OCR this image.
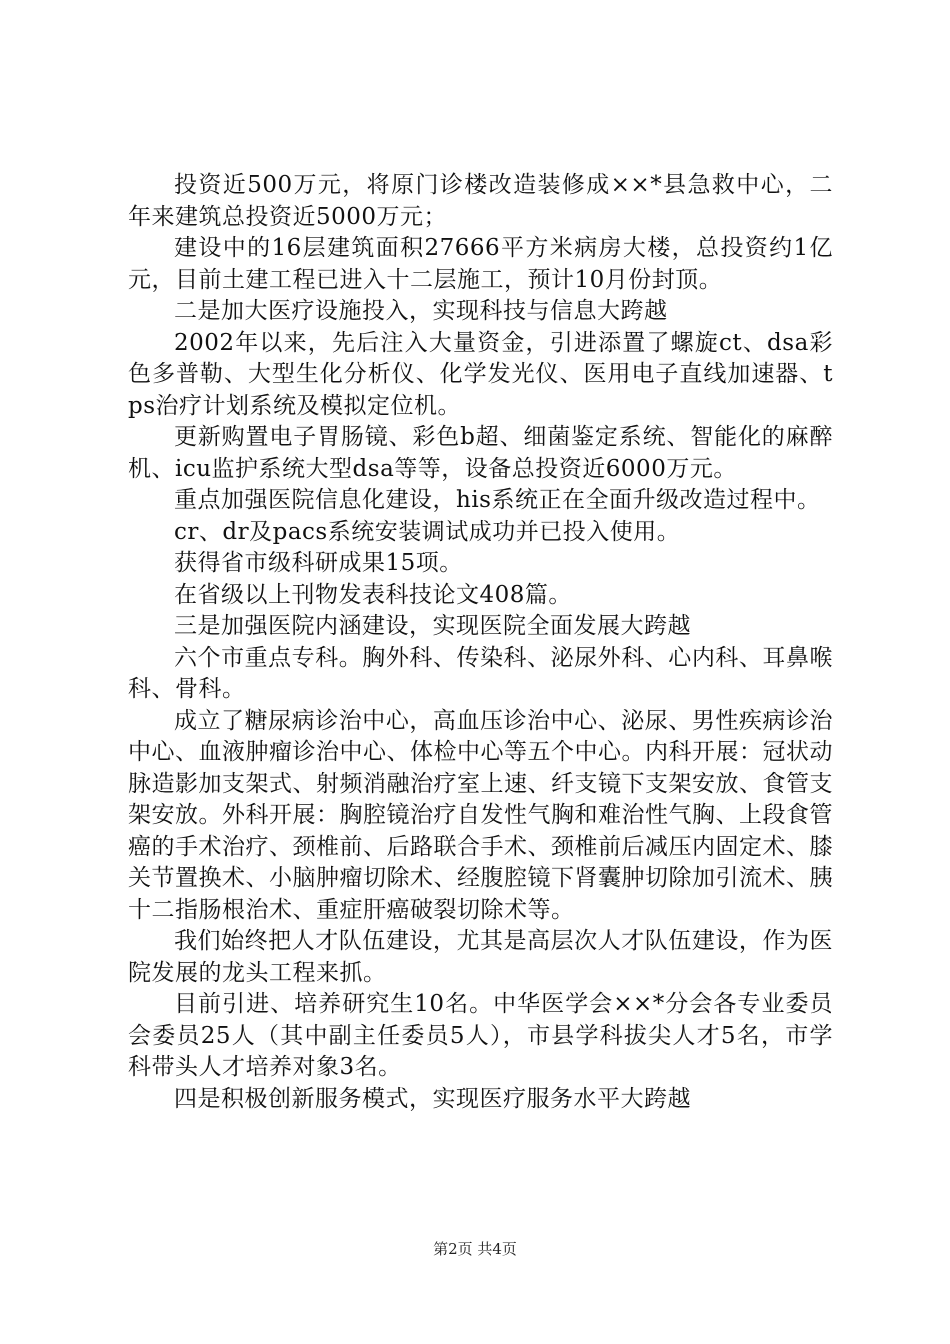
投资近500万元，将原门诊楼改造装修成××*县急救中心，二年来建筑总投资近5000万元；

建设中的16层建筑面积27666平方米病房大楼，总投资约1亿元，目前土建工程已进入十二层施工，预计10月份封顶。

二是加大医疗设施投入，实现科技与信息大跨越

2002年以来，先后注入大量资金，引进添置了螺旋ct、dsa彩色多普勒、大型生化分析仪、化学发光仪、医用电子直线加速器、tps治疗计划系统及模拟定位机。

更新购置电子胃肠镜、彩色b超、细菌鉴定系统、智能化的麻醉机、icu监护系统大型dsa等等，设备总投资近6000万元。

重点加强医院信息化建设，his系统正在全面升级改造过程中。

cr、dr及pacs系统安装调试成功并已投入使用。

获得省市级科研成果15项。

在省级以上刊物发表科技论文408篇。

三是加强医院内涵建设，实现医院全面发展大跨越

六个市重点专科。胸外科、传染科、泌尿外科、心内科、耳鼻喉科、骨科。

成立了糖尿病诊治中心，高血压诊治中心、泌尿、男性疾病诊治中心、血液肿瘤诊治中心、体检中心等五个中心。内科开展：冠状动脉造影加支架式、射频消融治疗室上速、纤支镜下支架安放、食管支架安放。外科开展：胸腔镜治疗自发性气胸和难治性气胸、上段食管癌的手术治疗、颈椎前、后路联合手术、颈椎前后减压内固定术、膝关节置换术、小脑肿瘤切除术、经腹腔镜下肾囊肿切除加引流术、胰十二指肠根治术、重症肝癌破裂切除术等。

我们始终把人才队伍建设，尤其是高层次人才队伍建设，作为医院发展的龙头工程来抓。

目前引进、培养研究生10名。中华医学会××*分会各专业委员会委员25人（其中副主任委员5人），市县学科拔尖人才5名，市学科带头人才培养对象3名。

四是积极创新服务模式，实现医疗服务水平大跨越

第2页 共4页
